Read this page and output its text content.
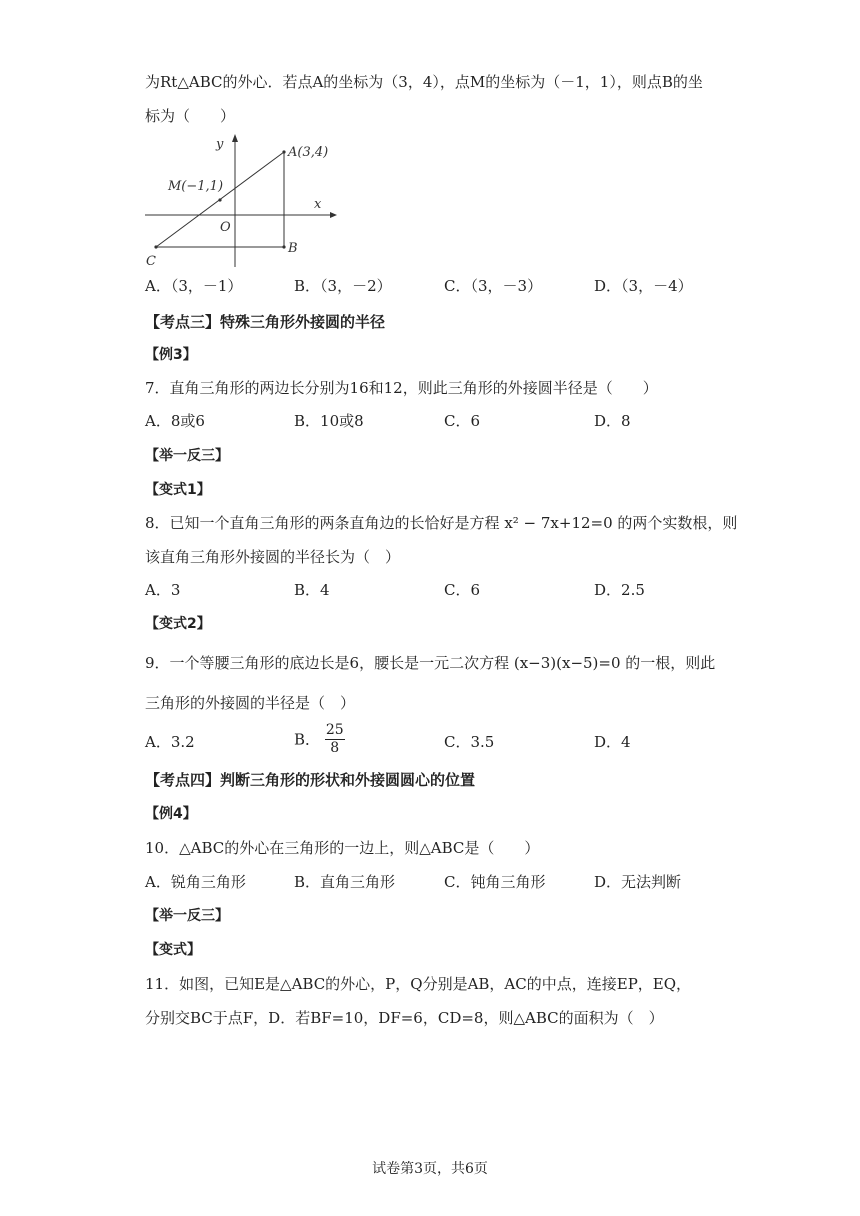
为Rt△ABC的外心．若点A的坐标为（3，4），点M的坐标为（－1，1），则点B的坐
标为（　　）
y
x
O
A(3,4)
M(−1,1)
B
C
A．（3，－1）	B．（3，－2）	C．（3，－3）	D．（3，－4）
【考点三】特殊三角形外接圆的半径
【例3】
7．直角三角形的两边长分别为16和12，则此三角形的外接圆半径是（　　）
A．8或6	B．10或8	C．6	D．8
【举一反三】
【变式1】
8．已知一个直角三角形的两条直角边的长恰好是方程 x² − 7x+12=0 的两个实数根，则
该直角三角形外接圆的半径长为（　）
A．3	B．4	C．6	D．2.5
【变式2】
9．一个等腰三角形的底边长是6，腰长是一元二次方程 (x−3)(x−5)=0 的一根，则此
三角形的外接圆的半径是（　）
A．3.2	B． $\frac{25}{8}$	C．3.5	D．4
【考点四】判断三角形的形状和外接圆圆心的位置
【例4】
10．△ABC的外心在三角形的一边上，则△ABC是（　　）
A．锐角三角形	B．直角三角形	C．钝角三角形	D．无法判断
【举一反三】
【变式】
11．如图，已知E是△ABC的外心，P，Q分别是AB，AC的中点，连接EP，EQ，
分别交BC于点F，D．若BF=10，DF=6，CD=8，则△ABC的面积为（　）
试卷第3页，共6页
